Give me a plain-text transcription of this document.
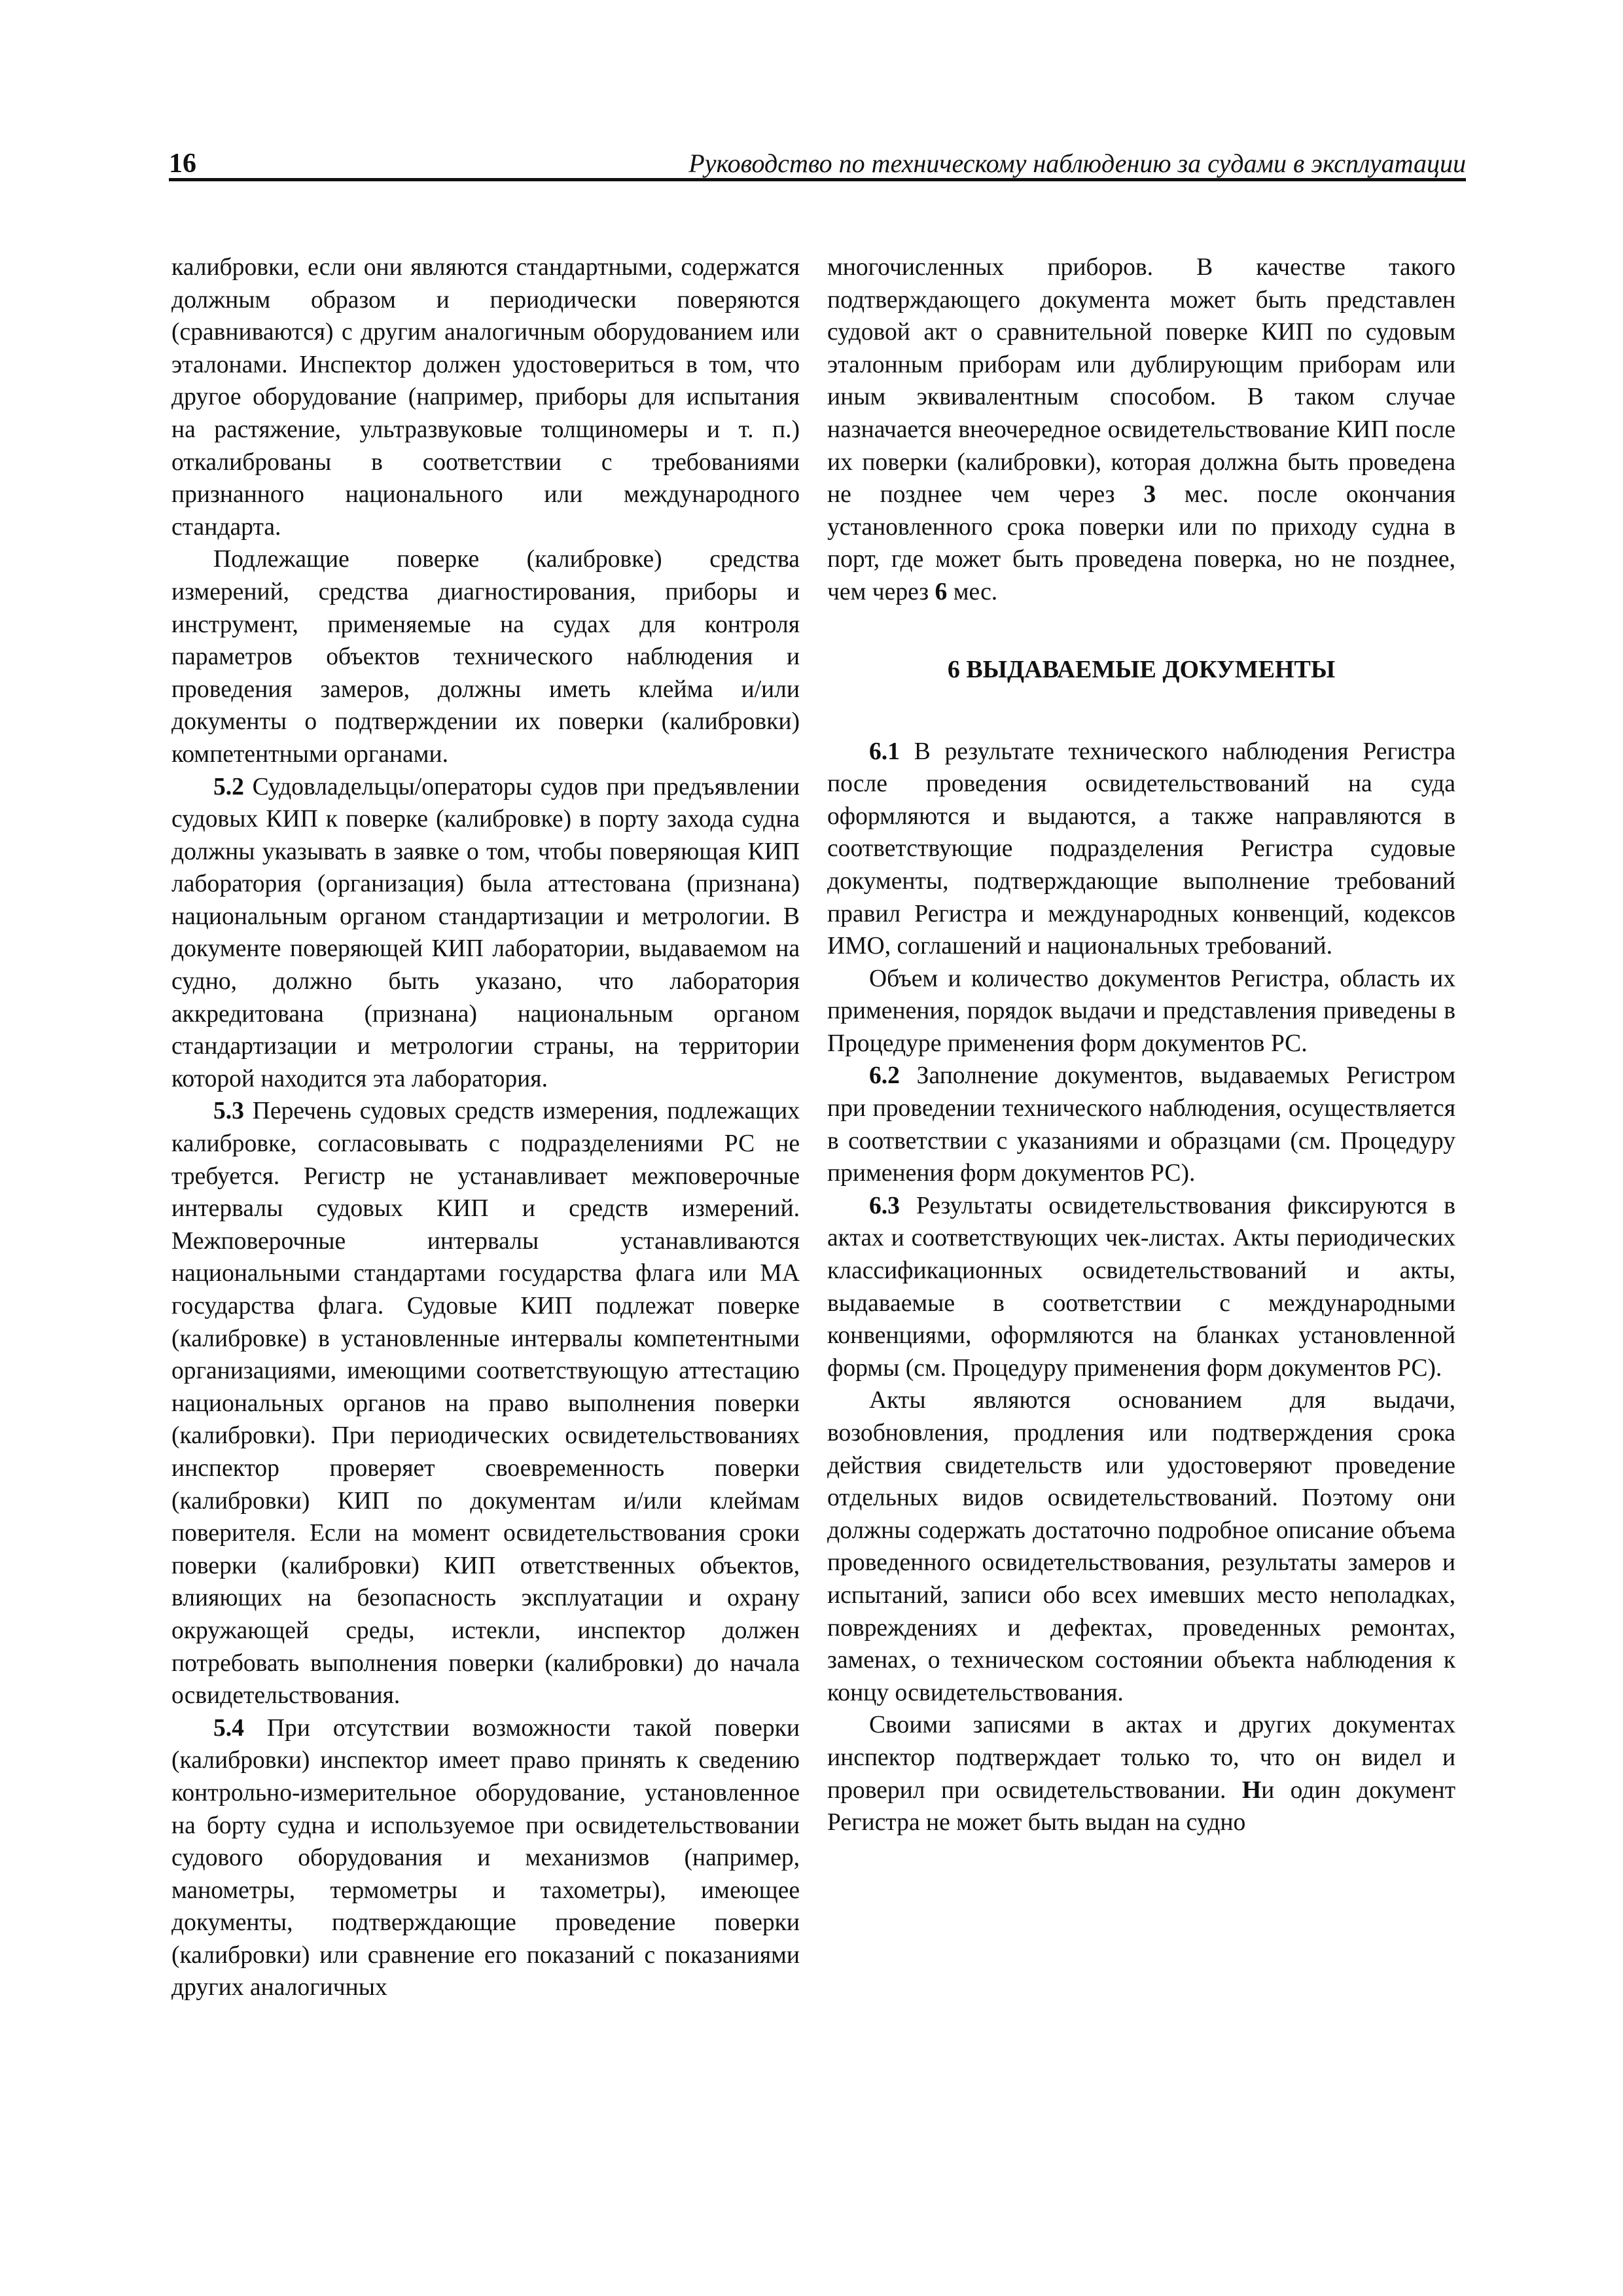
16	Руководство по техническому наблюдению за судами в эксплуатации

калибровки, если они являются стандартными, содержатся должным образом и периодически поверяются (сравниваются) с другим аналогичным оборудованием или эталонами. Инспектор должен удостовериться в том, что другое оборудование (например, приборы для испытания на растяжение, ультразвуковые толщиномеры и т. п.) откалиброваны в соответствии с требованиями признанного национального или международного стандарта.

Подлежащие поверке (калибровке) средства измерений, средства диагностирования, приборы и инструмент, применяемые на судах для контроля параметров объектов технического наблюдения и проведения замеров, должны иметь клейма и/или документы о подтверждении их поверки (калибровки) компетентными органами.

5.2 Судовладельцы/операторы судов при предъявлении судовых КИП к поверке (калибровке) в порту захода судна должны указывать в заявке о том, чтобы поверяющая КИП лаборатория (организация) была аттестована (признана) национальным органом стандартизации и метрологии. В документе поверяющей КИП лаборатории, выдаваемом на судно, должно быть указано, что лаборатория аккредитована (признана) национальным органом стандартизации и метрологии страны, на территории которой находится эта лаборатория.

5.3 Перечень судовых средств измерения, подлежащих калибровке, согласовывать с подразделениями РС не требуется. Регистр не устанавливает межповерочные интервалы судовых КИП и средств измерений. Межповерочные интервалы устанавливаются национальными стандартами государства флага или МА государства флага. Судовые КИП подлежат поверке (калибровке) в установленные интервалы компетентными организациями, имеющими соответствующую аттестацию национальных органов на право выполнения поверки (калибровки). При периодических освидетельствованиях инспектор проверяет своевременность поверки (калибровки) КИП по документам и/или клеймам поверителя. Если на момент освидетельствования сроки поверки (калибровки) КИП ответственных объектов, влияющих на безопасность эксплуатации и охрану окружающей среды, истекли, инспектор должен потребовать выполнения поверки (калибровки) до начала освидетельствования.

5.4 При отсутствии возможности такой поверки (калибровки) инспектор имеет право принять к сведению контрольно-измерительное оборудование, установленное на борту судна и используемое при освидетельствовании судового оборудования и механизмов (например, манометры, термометры и тахометры), имеющее документы, подтверждающие проведение поверки (калибровки) или сравнение его показаний с показаниями других аналогичных

многочисленных приборов. В качестве такого подтверждающего документа может быть представлен судовой акт о сравнительной поверке КИП по судовым эталонным приборам или дублирующим приборам или иным эквивалентным способом. В таком случае назначается внеочередное освидетельствование КИП после их поверки (калибровки), которая должна быть проведена не позднее чем через 3 мес. после окончания установленного срока поверки или по приходу судна в порт, где может быть проведена поверка, но не позднее, чем через 6 мес.

6 ВЫДАВАЕМЫЕ ДОКУМЕНТЫ

6.1 В результате технического наблюдения Регистра после проведения освидетельствований на суда оформляются и выдаются, а также направляются в соответствующие подразделения Регистра судовые документы, подтверждающие выполнение требований правил Регистра и международных конвенций, кодексов ИМО, соглашений и национальных требований.

Объем и количество документов Регистра, область их применения, порядок выдачи и представления приведены в Процедуре применения форм документов РС.

6.2 Заполнение документов, выдаваемых Регистром при проведении технического наблюдения, осуществляется в соответствии с указаниями и образцами (см. Процедуру применения форм документов РС).

6.3 Результаты освидетельствования фиксируются в актах и соответствующих чек-листах. Акты периодических классификационных освидетельствований и акты, выдаваемые в соответствии с международными конвенциями, оформляются на бланках установленной формы (см. Процедуру применения форм документов РС).

Акты являются основанием для выдачи, возобновления, продления или подтверждения срока действия свидетельств или удостоверяют проведение отдельных видов освидетельствований. Поэтому они должны содержать достаточно подробное описание объема проведенного освидетельствования, результаты замеров и испытаний, записи обо всех имевших место неполадках, повреждениях и дефектах, проведенных ремонтах, заменах, о техническом состоянии объекта наблюдения к концу освидетельствования.

Своими записями в актах и других документах инспектор подтверждает только то, что он видел и проверил при освидетельствовании. Ни один документ Регистра не может быть выдан на судно
